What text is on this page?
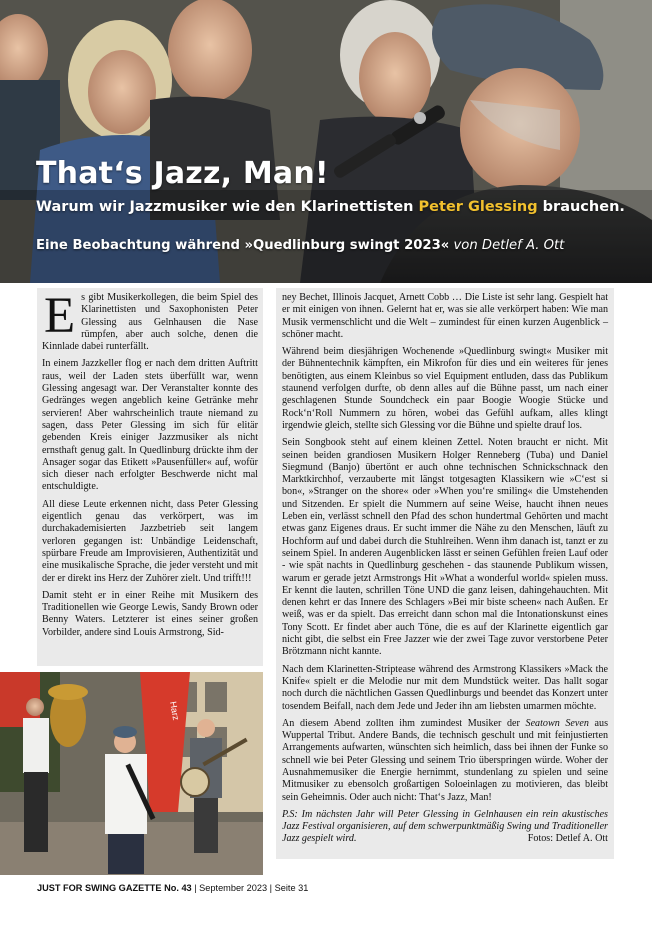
That‘s Jazz, Man!
Warum wir Jazzmusiker wie den Klarinettisten Peter Glessing brauchen.
Eine Beobachtung während »Quedlinburg swingt 2023« von Detlef A. Ott

Es gibt Musikerkollegen, die beim Spiel des Klarinettisten und Saxophonisten Peter Glessing aus Gelnhausen die Nase rümpfen, aber auch solche, denen die Kinnlade dabei runterfällt.

In einem Jazzkeller flog er nach dem dritten Auftritt raus, weil der Laden stets überfüllt war, wenn Glessing angesagt war. Der Veranstalter konnte des Gedränges wegen angeblich keine Getränke mehr servieren! Aber wahrscheinlich traute niemand zu sagen, dass Peter Glessing im sich für elitär gebenden Kreis einiger Jazzmusiker als nicht ernsthaft genug galt. In Quedlinburg drückte ihm der Ansager sogar das Etikett »Pausenfüller« auf, wofür sich dieser nach erfolgter Beschwerde nicht mal entschuldigte.

All diese Leute erkennen nicht, dass Peter Glessing eigentlich genau das verkörpert, was im durchakademisierten Jazzbetrieb seit langem verloren gegangen ist: Unbändige Leidenschaft, spürbare Freude am Improvisieren, Authentizität und eine musikalische Sprache, die jeder versteht und mit der er direkt ins Herz der Zuhörer zielt. Und trifft!!!

Damit steht er in einer Reihe mit Musikern des Traditionellen wie George Lewis, Sandy Brown oder Benny Waters. Letzterer ist eines seiner großen Vorbilder, andere sind Louis Armstrong, Sid-

ney Bechet, Illinois Jacquet, Arnett Cobb … Die Liste ist sehr lang. Gespielt hat er mit einigen von ihnen. Gelernt hat er, was sie alle verkörpert haben: Wie man Musik vermenschlicht und die Welt – zumindest für einen kurzen Augenblick – schöner macht.

Während beim diesjährigen Wochenende »Quedlinburg swingt« Musiker mit der Bühnentechnik kämpften, ein Mikrofon für dies und ein weiteres für jenes benötigten, aus einem Kleinbus so viel Equipment entluden, dass das Publikum staunend verfolgen durfte, ob denn alles auf die Bühne passt, um nach einer geschlagenen Stunde Soundcheck ein paar Boogie Woogie Stücke und Rock‘n‘Roll Nummern zu hören, wobei das Gefühl aufkam, alles klingt irgendwie gleich, stellte sich Glessing vor die Bühne und spielte drauf los.

Sein Songbook steht auf einem kleinen Zettel. Noten braucht er nicht. Mit seinen beiden grandiosen Musikern Holger Renneberg (Tuba) und Daniel Siegmund (Banjo) übertönt er auch ohne technischen Schnickschnack den Marktkirchhof, verzauberte mit längst totgesagten Klassikern wie »C‘est si bon«, »Stranger on the shore« oder »When you‘re smiling« die Umstehenden und Sitzenden. Er spielt die Nummern auf seine Weise, haucht ihnen neues Leben ein, verlässt schnell den Pfad des schon hundertmal Gehörten und macht etwas ganz Eigenes draus. Er sucht immer die Nähe zu den Menschen, läuft zu Hochform auf und dabei durch die Stuhlreihen. Wenn ihm danach ist, tanzt er zu seinem Spiel. In anderen Augenblicken lässt er seinen Gefühlen freien Lauf oder - wie spät nachts in Quedlinburg geschehen - das staunende Publikum wissen, warum er gerade jetzt Armstrongs Hit »What a wonderful world« spielen muss. Er kennt die lauten, schrillen Töne UND die ganz leisen, dahingehauchten. Mit denen kehrt er das Innere des Schlagers »Bei mir biste scheen« nach Außen. Er weiß, was er da spielt. Das erreicht dann schon mal die Intonationskunst eines Tony Scott. Er findet aber auch Töne, die es auf der Klarinette eigentlich gar nicht gibt, die selbst ein Free Jazzer wie der zwei Tage zuvor verstorbene Peter Brötzmann nicht kannte.

Nach dem Klarinetten-Striptease während des Armstrong Klassikers »Mack the Knife« spielt er die Melodie nur mit dem Mundstück weiter. Das hallt sogar noch durch die nächtlichen Gassen Quedlinburgs und beendet das Konzert unter tosendem Beifall, nach dem Jede und Jeder ihn am liebsten umarmen möchte.

An diesem Abend zollten ihm zumindest Musiker der Seatown Seven aus Wuppertal Tribut. Andere Bands, die technisch geschult und mit feinjustierten Arrangements aufwarten, wünschten sich heimlich, dass bei ihnen der Funke so schnell wie bei Peter Glessing und seinem Trio überspringen würde. Woher der Ausnahmemusiker die Energie hernimmt, stundenlang zu spielen und seine Mitmusiker zu ebensolch großartigen Soloeinlagen zu motivieren, das bleibt sein Geheimnis. Oder auch nicht: That‘s Jazz, Man!

P.S: Im nächsten Jahr will Peter Glessing in Gelnhausen ein rein akustisches Jazz Festival organisieren, auf dem schwerpunktmäßig Swing und Traditioneller Jazz gespielt wird.	Fotos: Detlef A. Ott

Harz
JUST FOR SWING GAZETTE No. 43 | September 2023 | Seite 31
